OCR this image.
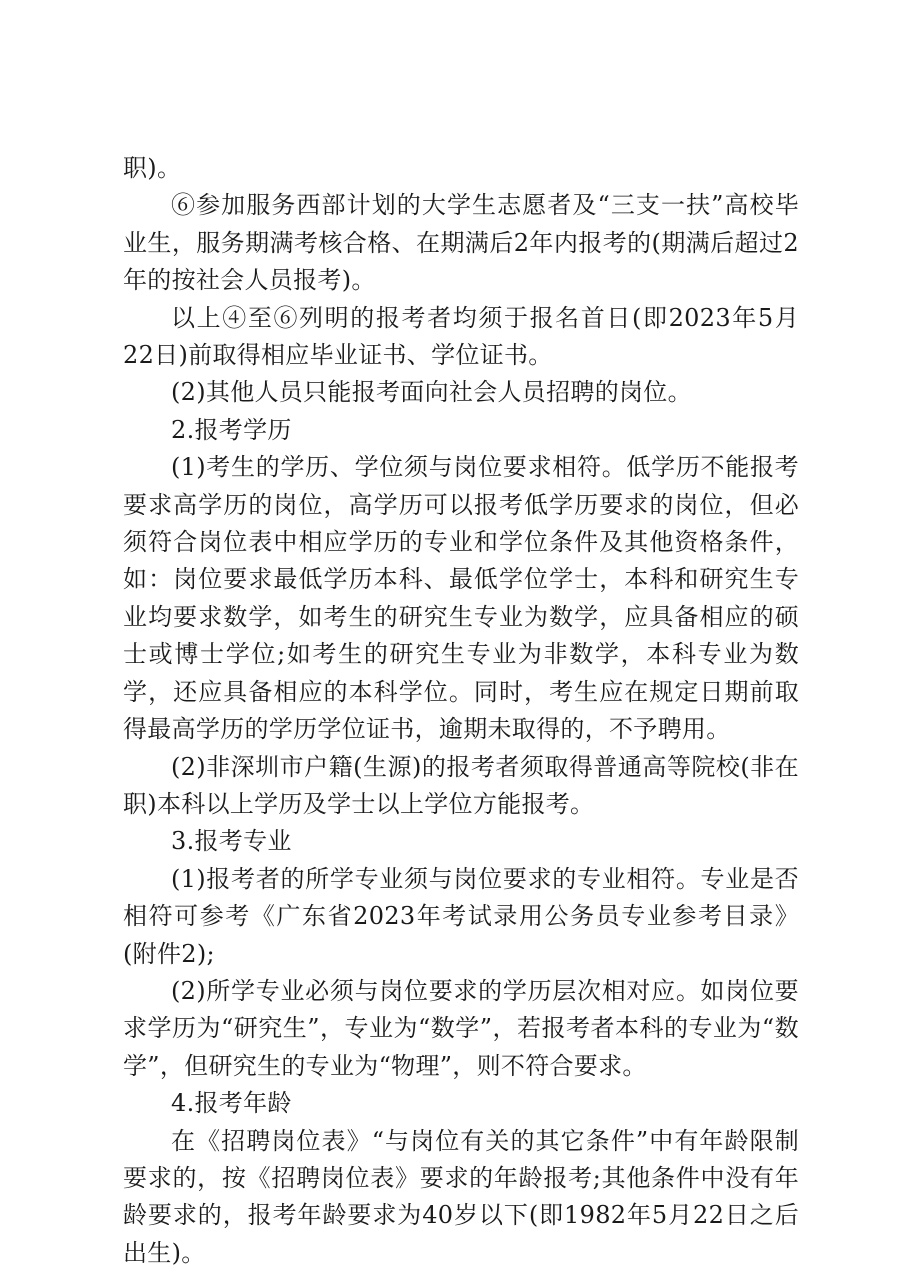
职)。

⑥参加服务西部计划的大学生志愿者及“三支一扶”高校毕业生，服务期满考核合格、在期满后2年内报考的(期满后超过2年的按社会人员报考)。

以上④至⑥列明的报考者均须于报名首日(即2023年5月22日)前取得相应毕业证书、学位证书。

(2)其他人员只能报考面向社会人员招聘的岗位。

2.报考学历

(1)考生的学历、学位须与岗位要求相符。低学历不能报考要求高学历的岗位，高学历可以报考低学历要求的岗位，但必须符合岗位表中相应学历的专业和学位条件及其他资格条件，如：岗位要求最低学历本科、最低学位学士，本科和研究生专业均要求数学，如考生的研究生专业为数学，应具备相应的硕士或博士学位;如考生的研究生专业为非数学，本科专业为数学，还应具备相应的本科学位。同时，考生应在规定日期前取得最高学历的学历学位证书，逾期未取得的，不予聘用。

(2)非深圳市户籍(生源)的报考者须取得普通高等院校(非在职)本科以上学历及学士以上学位方能报考。

3.报考专业

(1)报考者的所学专业须与岗位要求的专业相符。专业是否相符可参考《广东省2023年考试录用公务员专业参考目录》(附件2);

(2)所学专业必须与岗位要求的学历层次相对应。如岗位要求学历为“研究生”，专业为“数学”，若报考者本科的专业为“数学”，但研究生的专业为“物理”，则不符合要求。

4.报考年龄

在《招聘岗位表》“与岗位有关的其它条件”中有年龄限制要求的，按《招聘岗位表》要求的年龄报考;其他条件中没有年龄要求的，报考年龄要求为40岁以下(即1982年5月22日之后出生)。
